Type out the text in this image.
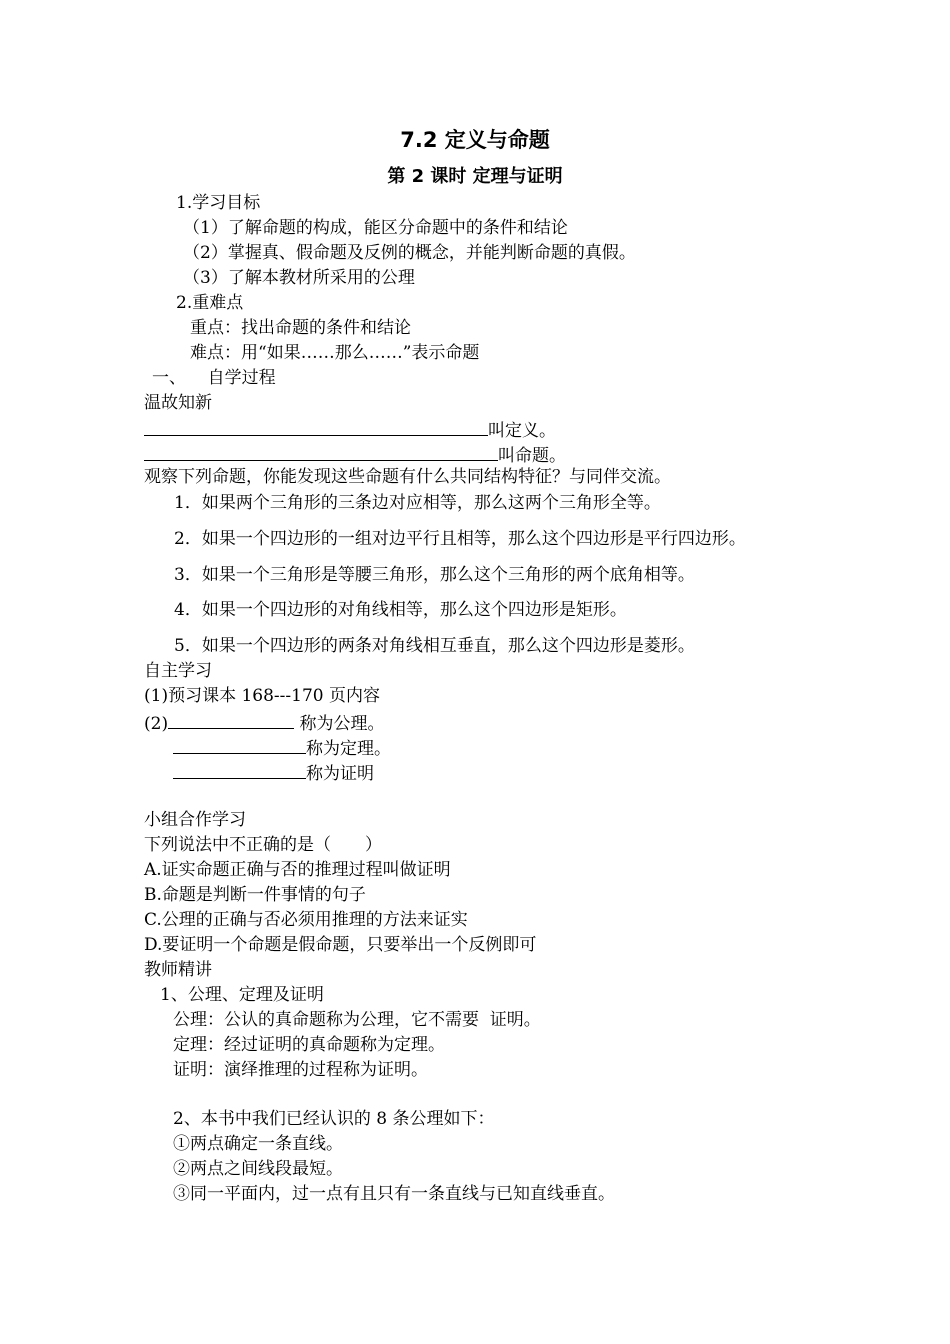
7.2 定义与命题
第 2 课时 定理与证明
1.学习目标
（1）了解命题的构成，能区分命题中的条件和结论
（2）掌握真、假命题及反例的概念，并能判断命题的真假。
（3）了解本教材所采用的公理
2.重难点
重点：找出命题的条件和结论
难点：用“如果……那么……”表示命题
一、    自学过程
温故知新
叫定义。
叫命题。
观察下列命题，你能发现这些命题有什么共同结构特征？与同伴交流。
1．如果两个三角形的三条边对应相等，那么这两个三角形全等。
2．如果一个四边形的一组对边平行且相等，那么这个四边形是平行四边形。
3．如果一个三角形是等腰三角形，那么这个三角形的两个底角相等。
4．如果一个四边形的对角线相等，那么这个四边形是矩形。
5．如果一个四边形的两条对角线相互垂直，那么这个四边形是菱形。
自主学习
(1)预习课本 168---170 页内容
(2)	称为公理。
称为定理。
称为证明
小组合作学习
下列说法中不正确的是（　　）
A.证实命题正确与否的推理过程叫做证明
B.命题是判断一件事情的句子
C.公理的正确与否必须用推理的方法来证实
D.要证明一个命题是假命题，只要举出一个反例即可
教师精讲
1、公理、定理及证明
公理：公认的真命题称为公理，它不需要  证明。
定理：经过证明的真命题称为定理。
证明：演绎推理的过程称为证明。
2、本书中我们已经认识的 8 条公理如下：
①两点确定一条直线。
②两点之间线段最短。
③同一平面内，过一点有且只有一条直线与已知直线垂直。
